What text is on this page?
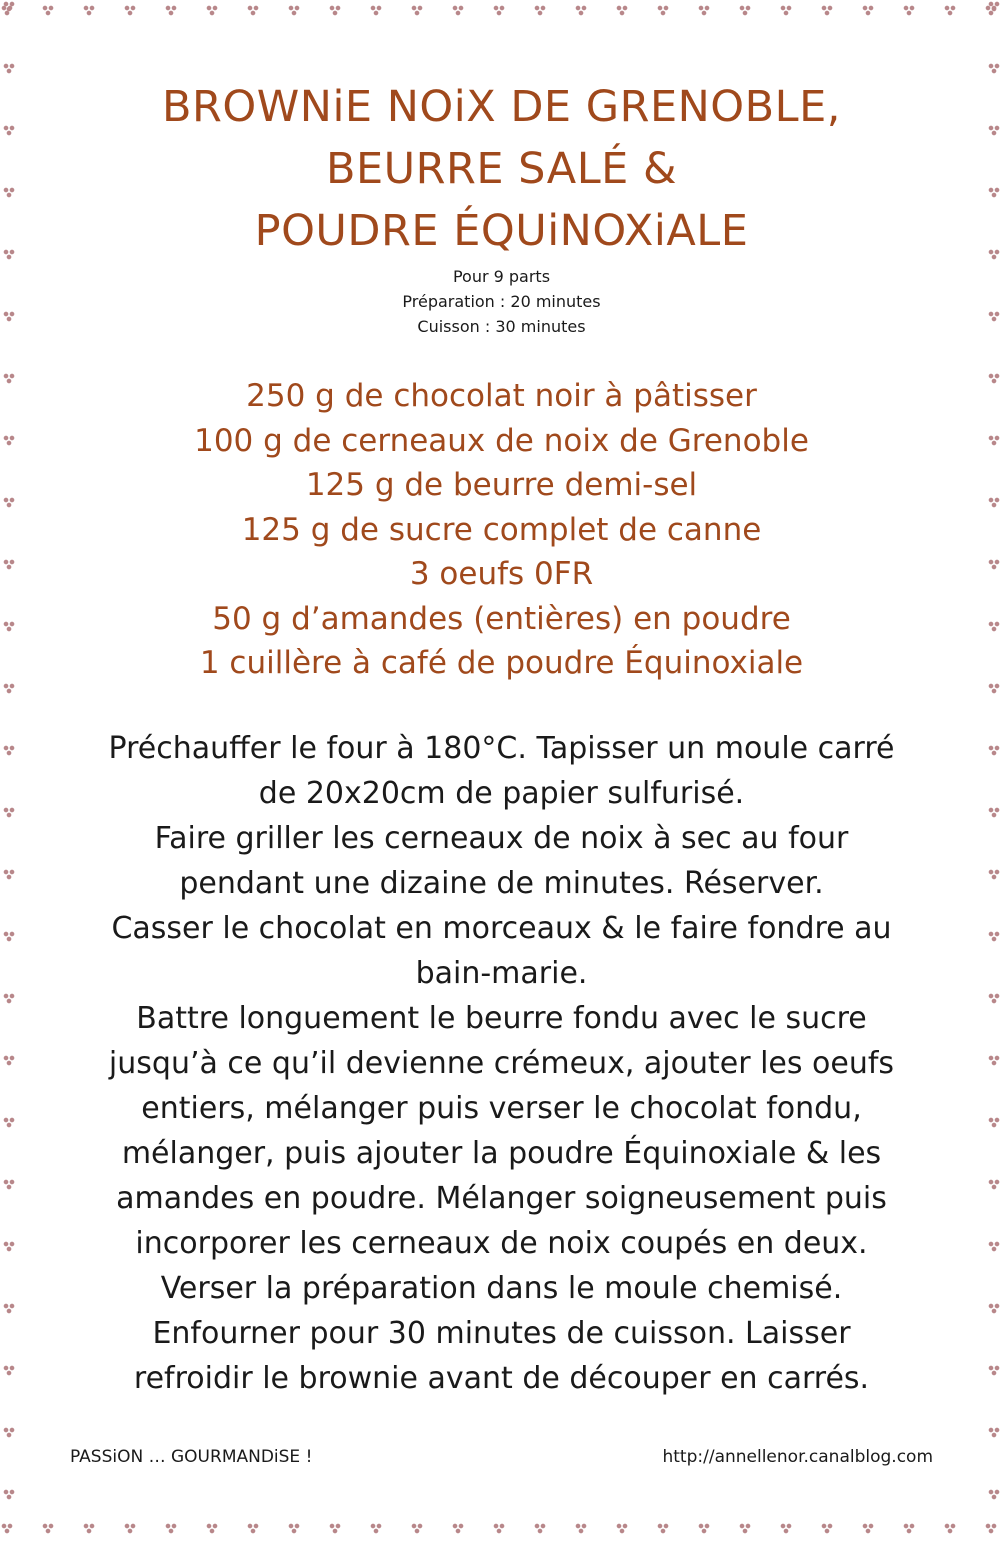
BROWNiE NOiX DE GRENOBLE,
BEURRE SALÉ &
POUDRE ÉQUiNOXiALE
Pour 9 parts
Préparation : 20 minutes
Cuisson : 30 minutes
250 g de chocolat noir à pâtisser
100 g de cerneaux de noix de Grenoble
125 g de beurre demi-sel
125 g de sucre complet de canne
3 oeufs 0FR
50 g d’amandes (entières) en poudre
1 cuillère à café de poudre Équinoxiale
Préchauffer le four à 180°C. Tapisser un moule carré
de 20x20cm de papier sulfurisé.
Faire griller les cerneaux de noix à sec au four
pendant une dizaine de minutes. Réserver.
Casser le chocolat en morceaux & le faire fondre au
bain-marie.
Battre longuement le beurre fondu avec le sucre
jusqu’à ce qu’il devienne crémeux, ajouter les oeufs
entiers, mélanger puis verser le chocolat fondu,
mélanger, puis ajouter la poudre Équinoxiale & les
amandes en poudre. Mélanger soigneusement puis
incorporer les cerneaux de noix coupés en deux.
Verser la préparation dans le moule chemisé.
Enfourner pour 30 minutes de cuisson. Laisser
refroidir le brownie avant de découper en carrés.
PASSiON … GOURMANDiSE !	http://annellenor.canalblog.com
